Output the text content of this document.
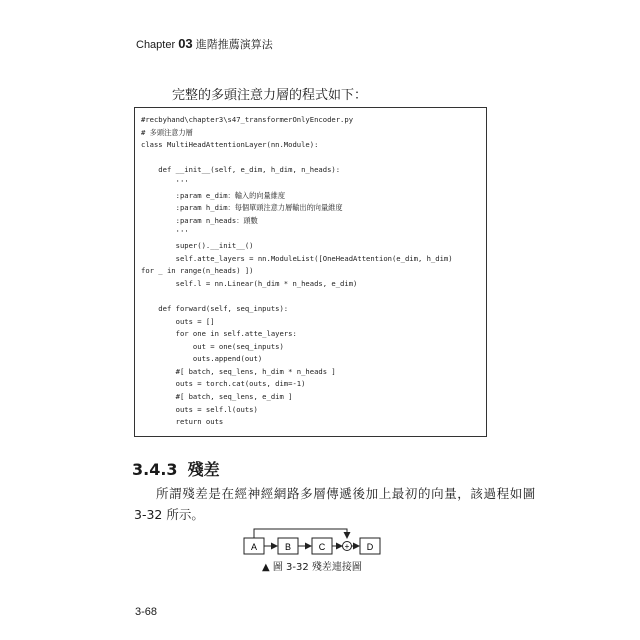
Chapter 03 進階推薦演算法
完整的多頭注意力層的程式如下：
#recbyhand\chapter3\s47_transformerOnlyEncoder.py
# 多頭注意力層
class MultiHeadAttentionLayer(nn.Module):
def __init__(self, e_dim, h_dim, n_heads):
'''
:param e_dim：輸入的向量維度
:param h_dim：每個單頭注意力層輸出的向量維度
:param n_heads：頭數
'''
super().__init__()
self.atte_layers = nn.ModuleList([OneHeadAttention(e_dim, h_dim)
for _ in range(n_heads) ])
self.l = nn.Linear(h_dim * n_heads, e_dim)
def forward(self, seq_inputs):
outs = []
for one in self.atte_layers:
out = one(seq_inputs)
outs.append(out)
#[ batch, seq_lens, h_dim * n_heads ]
outs = torch.cat(outs, dim=-1)
#[ batch, seq_lens, e_dim ]
outs = self.l(outs)
return outs
3.4.3 殘差
所謂殘差是在經神經網路多層傳遞後加上最初的向量，該過程如圖
3-32 所示。
A	B	C + D
▲ 圖 3-32 殘差連接圖
3-68
